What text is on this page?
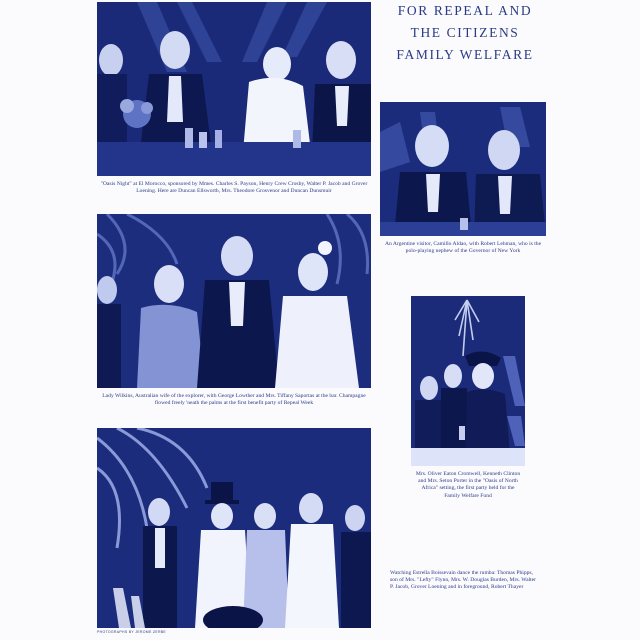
"Oasis Night" at El Morocco, sponsored by Mmes. Charles S. Payson, Henry Crew Crosby, Walter P. Jacob and Grover Loening. Here are Duncan Ellsworth, Mrs. Theodore Grosvenor and Duncan Dunsmuir

FOR REPEAL AND
THE CITIZENS
FAMILY WELFARE

An Argentine visitor, Camillo Aldao, with Robert Lehman, who is the polo-playing nephew of the Governor of New York

Lady Wilkins, Australian wife of the explorer, with George Lowther and Mrs. Tiffany Saportas at the bar. Champagne flowed freely 'neath the palms at the first benefit party of Repeal Week

Mrs. Oliver Eaton Cromwell, Kenneth Clinton and Mrs. Seton Porter in the "Oasis of North Africa" setting, the first party held for the Family Welfare Fund

Watching Estrella Boissevain dance the rumba: Thomas Phipps, son of Mrs. "Lefty" Flynn, Mrs. W. Douglas Burden, Mrs. Walter P. Jacob, Grover Loening and in foreground, Robert Thayer

PHOTOGRAPHS BY JEROME ZERBE
